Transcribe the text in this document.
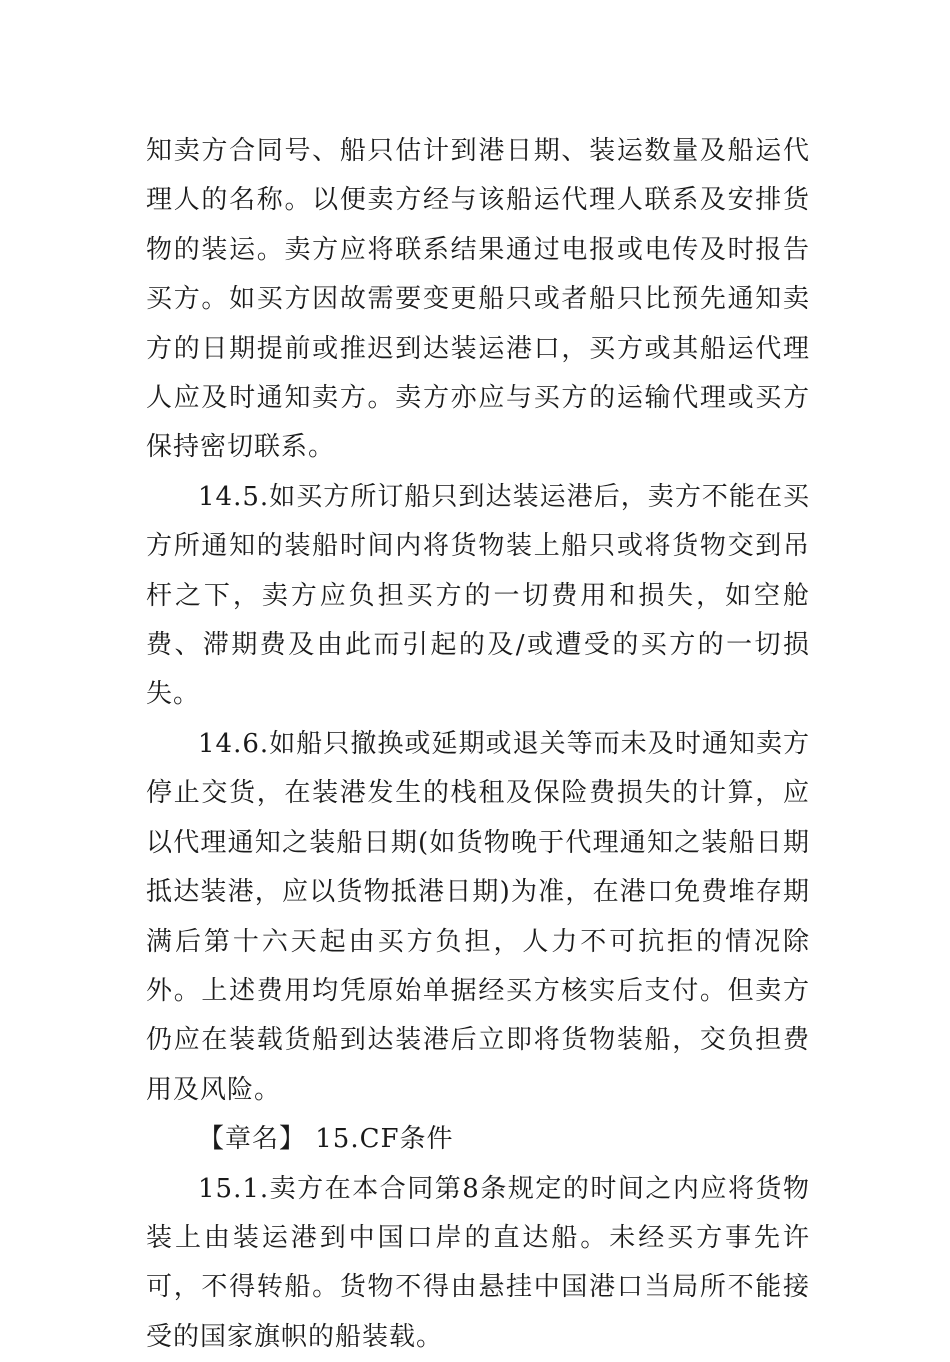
知卖方合同号、船只估计到港日期、装运数量及船运代理人的名称。以便卖方经与该船运代理人联系及安排货物的装运。卖方应将联系结果通过电报或电传及时报告买方。如买方因故需要变更船只或者船只比预先通知卖方的日期提前或推迟到达装运港口，买方或其船运代理人应及时通知卖方。卖方亦应与买方的运输代理或买方保持密切联系。

14.5.如买方所订船只到达装运港后，卖方不能在买方所通知的装船时间内将货物装上船只或将货物交到吊杆之下，卖方应负担买方的一切费用和损失，如空舱费、滞期费及由此而引起的及/或遭受的买方的一切损失。

14.6.如船只撤换或延期或退关等而未及时通知卖方停止交货，在装港发生的栈租及保险费损失的计算，应以代理通知之装船日期(如货物晚于代理通知之装船日期抵达装港，应以货物抵港日期)为准，在港口免费堆存期满后第十六天起由买方负担，人力不可抗拒的情况除外。上述费用均凭原始单据经买方核实后支付。但卖方仍应在装载货船到达装港后立即将货物装船，交负担费用及风险。

【章名】 15.CF条件

15.1.卖方在本合同第8条规定的时间之内应将货物装上由装运港到中国口岸的直达船。未经买方事先许可，不得转船。货物不得由悬挂中国港口当局所不能接受的国家旗帜的船装载。
